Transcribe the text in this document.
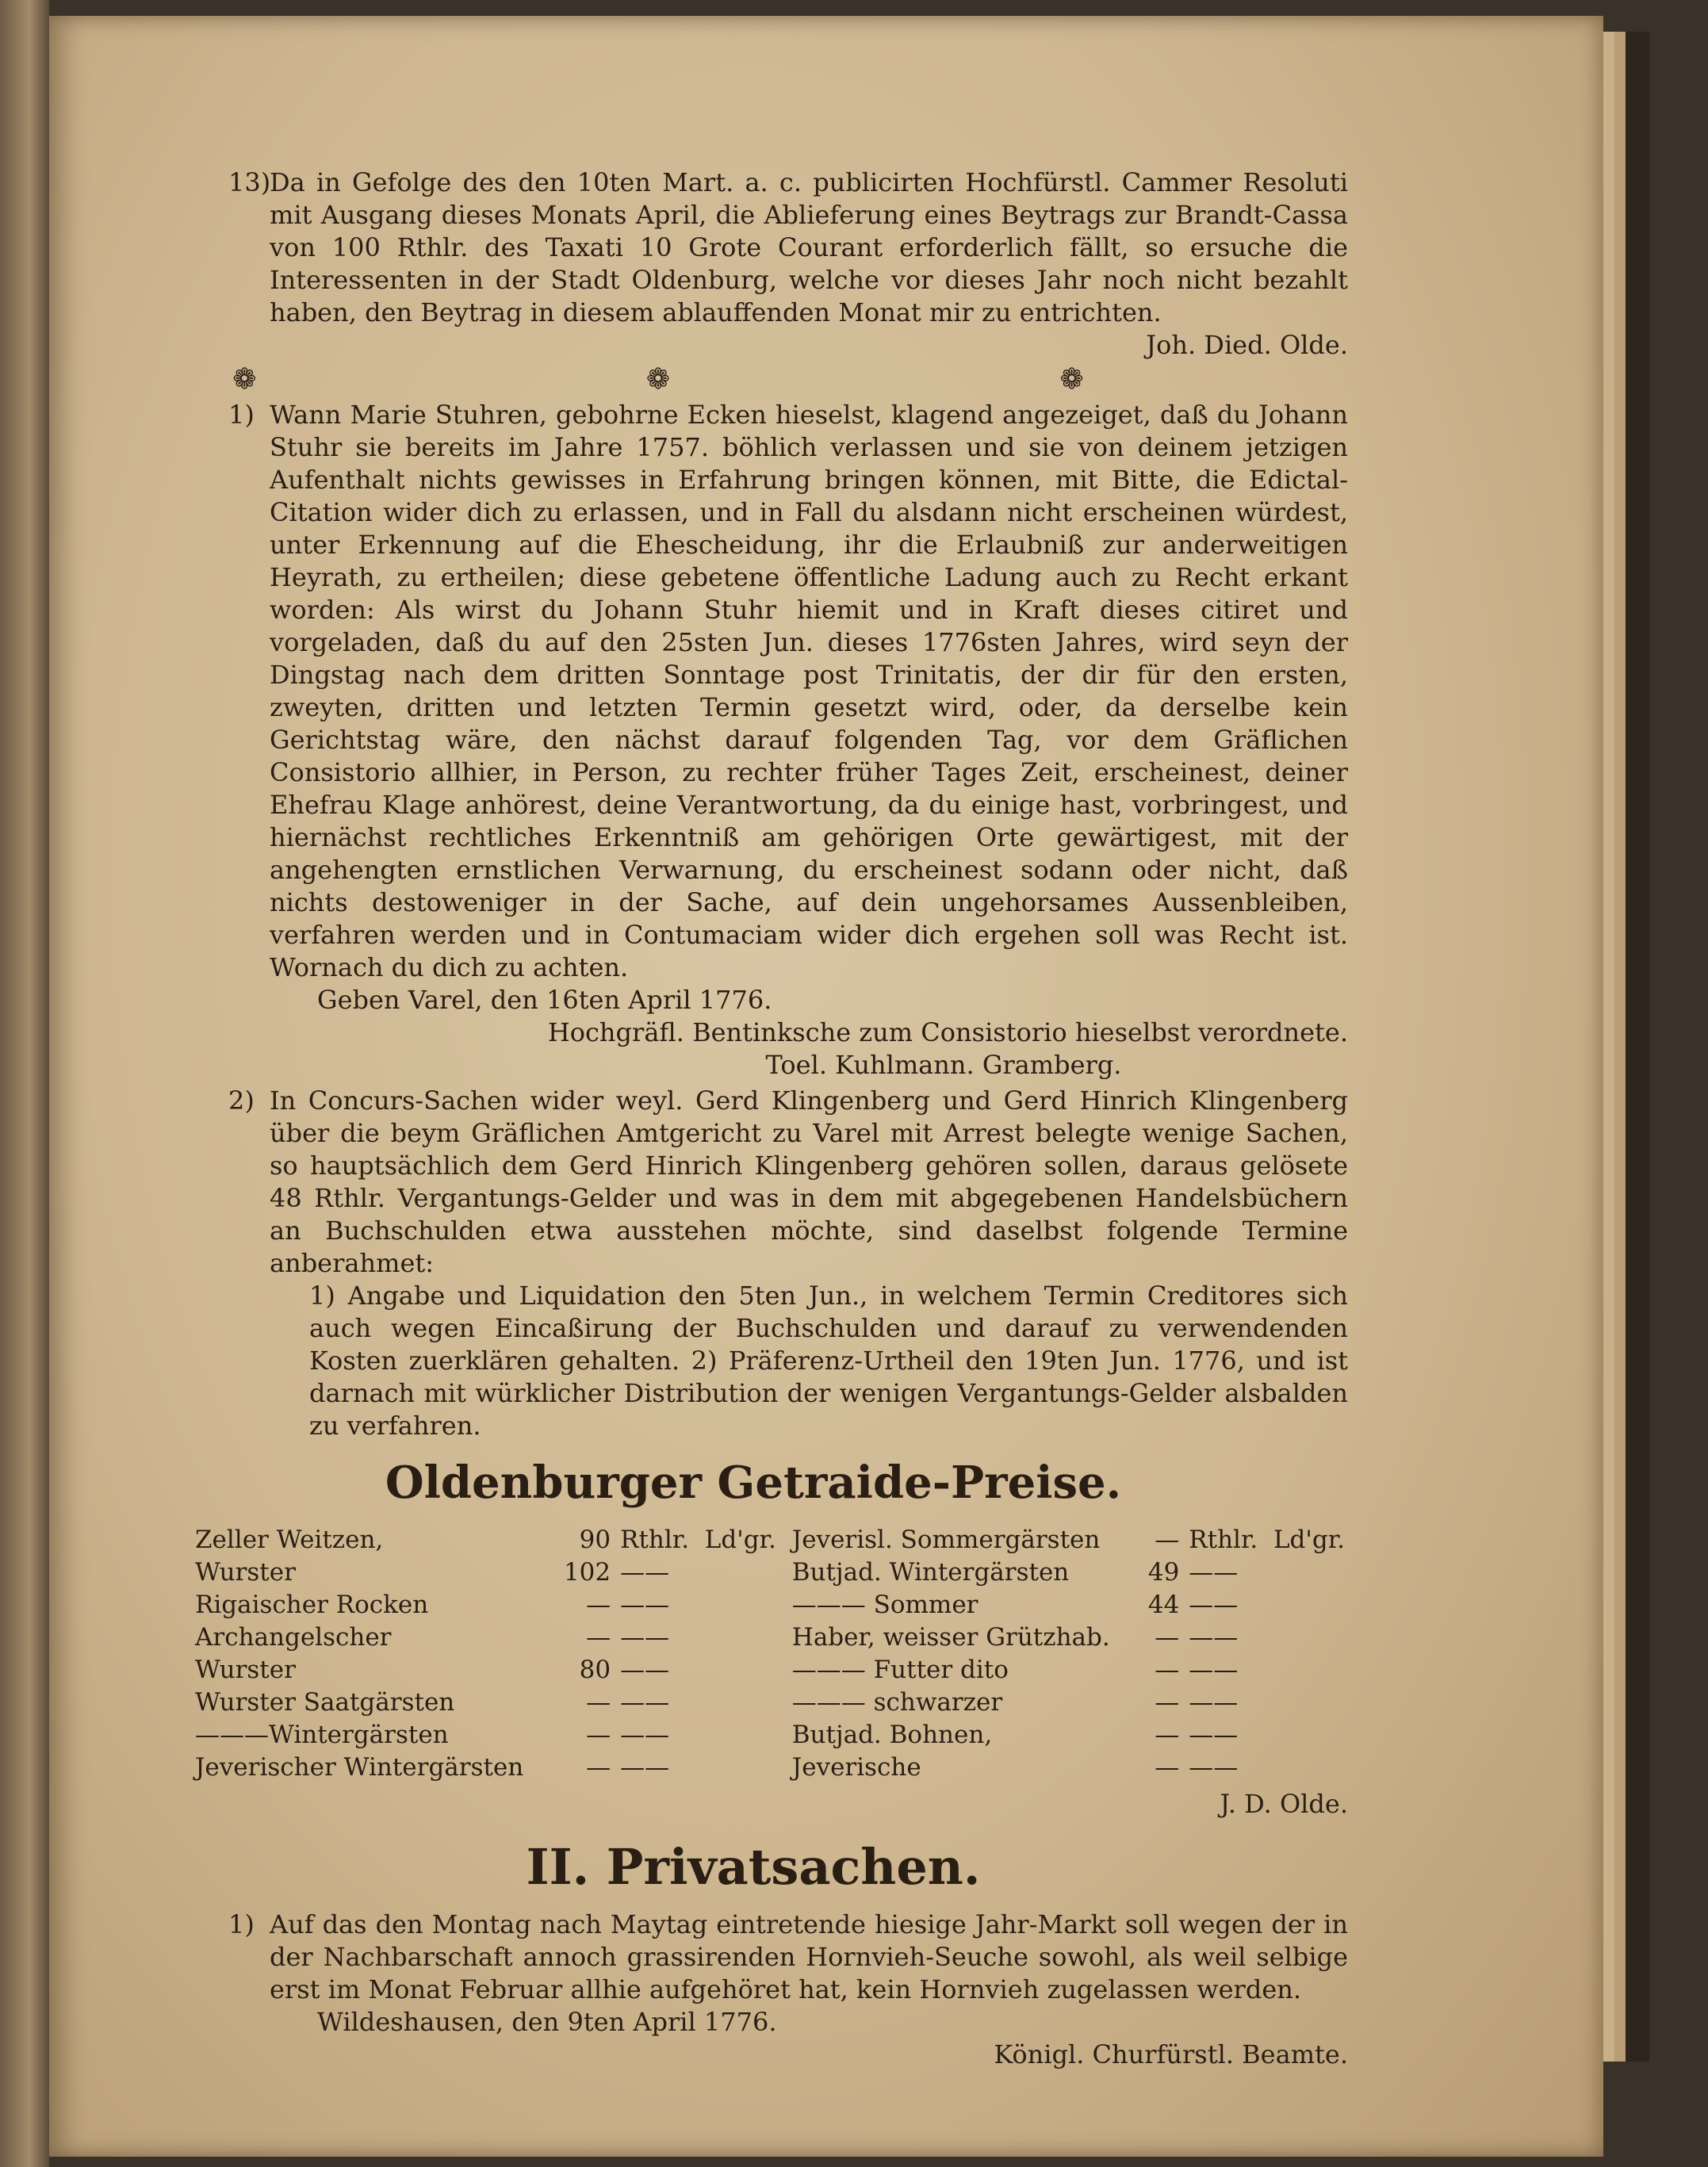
13)

Da in Gefolge des den 10ten Mart. a. c. publicirten Hochfürstl. Cammer Resoluti mit Ausgang dieses Monats April, die Ablieferung eines Beytrags zur Brandt-Cassa von 100 Rthlr. des Taxati 10 Grote Courant erforderlich fällt, so ersuche die Interessenten in der Stadt Oldenburg, welche vor dieses Jahr noch nicht bezahlt haben, den Beytrag in diesem ablauffenden Monat mir zu entrichten.

Joh. Died. Olde.

❁ ❁ ❁

1) Wann Marie Stuhren, gebohrne Ecken hieselst, klagend angezeiget, daß du Johann Stuhr sie bereits im Jahre 1757. böhlich verlassen und sie von deinem jetzigen Aufenthalt nichts gewisses in Erfahrung bringen können, mit Bitte, die Edictal-Citation wider dich zu erlassen, und in Fall du alsdann nicht erscheinen würdest, unter Erkennung auf die Ehescheidung, ihr die Erlaubniß zur anderweitigen Heyrath, zu ertheilen; diese gebetene öffentliche Ladung auch zu Recht erkant worden: Als wirst du Johann Stuhr hiemit und in Kraft dieses citiret und vorgeladen, daß du auf den 25sten Jun. dieses 1776sten Jahres, wird seyn der Dingstag nach dem dritten Sonntage post Trinitatis, der dir für den ersten, zweyten, dritten und letzten Termin gesetzt wird, oder, da derselbe kein Gerichtstag wäre, den nächst darauf folgenden Tag, vor dem Gräflichen Consistorio allhier, in Person, zu rechter früher Tages Zeit, erscheinest, deiner Ehefrau Klage anhörest, deine Verantwortung, da du einige hast, vorbringest, und hiernächst rechtliches Erkenntniß am gehörigen Orte gewärtigest, mit der angehengten ernstlichen Verwarnung, du erscheinest sodann oder nicht, daß nichts destoweniger in der Sache, auf dein ungehorsames Aussenbleiben, verfahren werden und in Contumaciam wider dich ergehen soll was Recht ist. Wornach du dich zu achten.

Geben Varel, den 16ten April 1776.

Hochgräfl. Bentinksche zum Consistorio hieselbst verordnete.

Toel. Kuhlmann. Gramberg.

2) In Concurs-Sachen wider weyl. Gerd Klingenberg und Gerd Hinrich Klingenberg über die beym Gräflichen Amtgericht zu Varel mit Arrest belegte wenige Sachen, so hauptsächlich dem Gerd Hinrich Klingenberg gehören sollen, daraus gelösete 48 Rthlr. Vergantungs-Gelder und was in dem mit abgegebenen Handelsbüchern an Buchschulden etwa ausstehen möchte, sind daselbst folgende Termine anberahmet:

1) Angabe und Liquidation den 5ten Jun., in welchem Termin Creditores sich auch wegen Eincaßirung der Buchschulden und darauf zu verwendenden Kosten zuerklären gehalten. 2) Präferenz-Urtheil den 19ten Jun. 1776, und ist darnach mit würklicher Distribution der wenigen Vergantungs-Gelder alsbalden zu verfahren.

Oldenburger Getraide-Preise.

Zeller Weitzen,	90	Rthlr.	Ld'gr.	Jeverisl. Sommergärsten	—	Rthlr.	Ld'gr.
Wurster	102	——		Butjad. Wintergärsten	49	——	
Rigaischer Rocken	—	——		——— Sommer	44	——	
Archangelscher	—	——		Haber, weisser Grützhab.	—	——	
Wurster	80	——		——— Futter dito	—	——	
Wurster Saatgärsten	—	——		——— schwarzer	—	——	
———Wintergärsten	—	——		Butjad. Bohnen,	—	——	
Jeverischer Wintergärsten	—	——		Jeverische	—	——	

J. D. Olde.

II. Privatsachen.

1) Auf das den Montag nach Maytag eintretende hiesige Jahr-Markt soll wegen der in der Nachbarschaft annoch grassirenden Hornvieh-Seuche sowohl, als weil selbige erst im Monat Februar allhie aufgehöret hat, kein Hornvieh zugelassen werden.

Wildeshausen, den 9ten April 1776.

Königl. Churfürstl. Beamte.
